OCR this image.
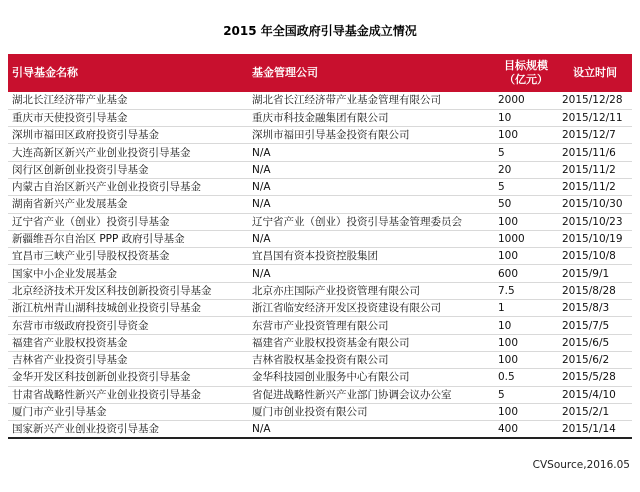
2015 年全国政府引导基金成立情况
引导基金名称	基金管理公司	目标规模（亿元）	设立时间
湖北长江经济带产业基金	湖北省长江经济带产业基金管理有限公司	2000	2015/12/28
重庆市天使投资引导基金	重庆市科技金融集团有限公司	10	2015/12/11
深圳市福田区政府投资引导基金	深圳市福田引导基金投资有限公司	100	2015/12/7
大连高新区新兴产业创业投资引导基金	N/A	5	2015/11/6
闵行区创新创业投资引导基金	N/A	20	2015/11/2
内蒙古自治区新兴产业创业投资引导基金	N/A	5	2015/11/2
湖南省新兴产业发展基金	N/A	50	2015/10/30
辽宁省产业（创业）投资引导基金	辽宁省产业（创业）投资引导基金管理委员会	100	2015/10/23
新疆维吾尔自治区 PPP 政府引导基金	N/A	1000	2015/10/19
宜昌市三峡产业引导股权投资基金	宜昌国有资本投资控股集团	100	2015/10/8
国家中小企业发展基金	N/A	600	2015/9/1
北京经济技术开发区科技创新投资引导基金	北京亦庄国际产业投资管理有限公司	7.5	2015/8/28
浙江杭州青山湖科技城创业投资引导基金	浙江省临安经济开发区投资建设有限公司	1	2015/8/3
东营市市级政府投资引导资金	东营市产业投资管理有限公司	10	2015/7/5
福建省产业股权投资基金	福建省产业股权投资基金有限公司	100	2015/6/5
吉林省产业投资引导基金	吉林省股权基金投资有限公司	100	2015/6/2
金华开发区科技创新创业投资引导基金	金华科技园创业服务中心有限公司	0.5	2015/5/28
甘肃省战略性新兴产业创业投资引导基金	省促进战略性新兴产业部门协调会议办公室	5	2015/4/10
厦门市产业引导基金	厦门市创业投资有限公司	100	2015/2/1
国家新兴产业创业投资引导基金	N/A	400	2015/1/14
CVSource,2016.05
